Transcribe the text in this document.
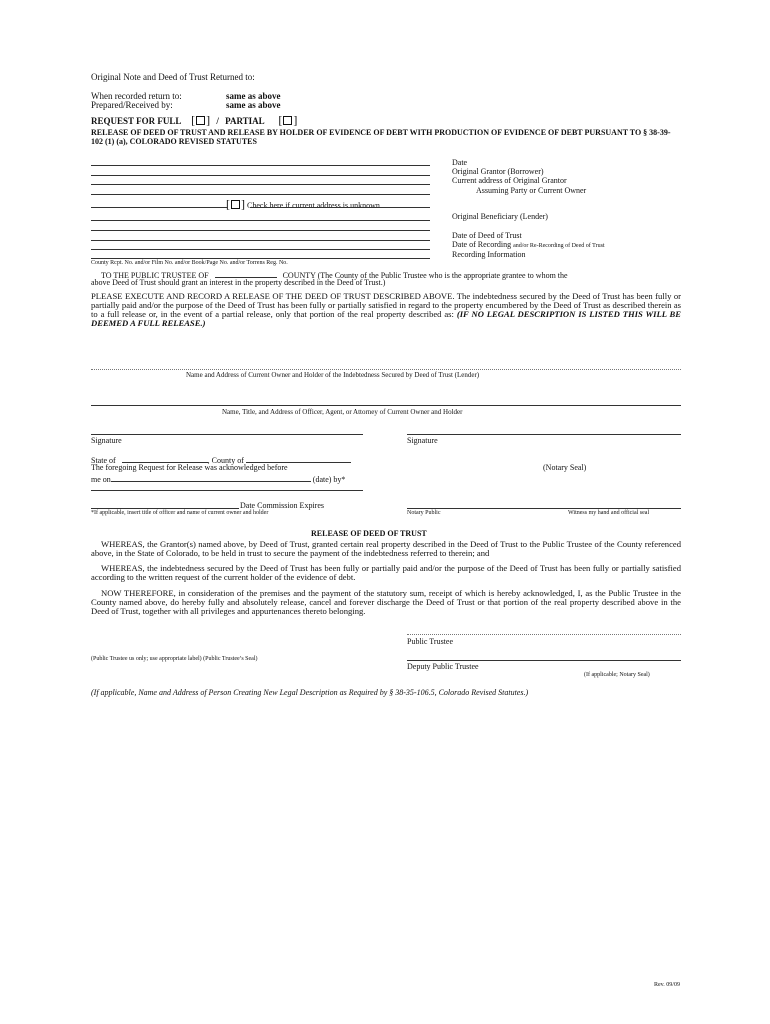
Original Note and Deed of Trust Returned to:
When recorded return to:	same as above
Prepared/Received by:	same as above
REQUEST FOR FULL [ ] / PARTIAL [ ]
RELEASE OF DEED OF TRUST AND RELEASE BY HOLDER OF EVIDENCE OF DEBT WITH PRODUCTION OF EVIDENCE OF DEBT PURSUANT TO § 38-39-102 (1) (a), COLORADO REVISED STATUTES
[ ] Check here if current address is unknown
Date
Original Grantor (Borrower)
Current address of Original Grantor
Assuming Party or Current Owner
Original Beneficiary (Lender)
Date of Deed of Trust
Date of Recording and/or Re-Recording of Deed of Trust
Recording Information
County Rcpt. No. and/or Film No. and/or Book/Page No. and/or Torrens Reg. No.
TO THE PUBLIC TRUSTEE OF	COUNTY (The County of the Public Trustee who is the appropriate grantee to whom the
above Deed of Trust should grant an interest in the property described in the Deed of Trust.)
PLEASE EXECUTE AND RECORD A RELEASE OF THE DEED OF TRUST DESCRIBED ABOVE. The indebtedness secured by the Deed of Trust has been fully or partially paid and/or the purpose of the Deed of Trust has been fully or partially satisfied in regard to the property encumbered by the Deed of Trust as described therein as to a full release or, in the event of a partial release, only that portion of the real property described as: (IF NO LEGAL DESCRIPTION IS LISTED THIS WILL BE DEEMED A FULL RELEASE.)
Name and Address of Current Owner and Holder of the Indebtedness Secured by Deed of Trust (Lender)
Name, Title, and Address of Officer, Agent, or Attorney of Current Owner and Holder
Signature	Signature
State of	, County of
The foregoing Request for Release was acknowledged before
me on	(date) by*
(Notary Seal)
Date Commission Expires
*If applicable, insert title of officer and name of current owner and holder	Notary Public	Witness my hand and official seal
RELEASE OF DEED OF TRUST
WHEREAS, the Grantor(s) named above, by Deed of Trust, granted certain real property described in the Deed of Trust to the Public Trustee of the County referenced above, in the State of Colorado, to be held in trust to secure the payment of the indebtedness referred to therein; and
WHEREAS, the indebtedness secured by the Deed of Trust has been fully or partially paid and/or the purpose of the Deed of Trust has been fully or partially satisfied according to the written request of the current holder of the evidence of debt.
NOW THEREFORE, in consideration of the premises and the payment of the statutory sum, receipt of which is hereby acknowledged, I, as the Public Trustee in the County named above, do hereby fully and absolutely release, cancel and forever discharge the Deed of Trust or that portion of the real property described above in the Deed of Trust, together with all privileges and appurtenances thereto belonging.
Public Trustee
(Public Trustee us only; use appropriate label) (Public Trustee’s Seal)
Deputy Public Trustee
(If applicable; Notary Seal)
(If applicable, Name and Address of Person Creating New Legal Description as Required by § 38-35-106.5, Colorado Revised Statutes.)
Rev. 09/09
